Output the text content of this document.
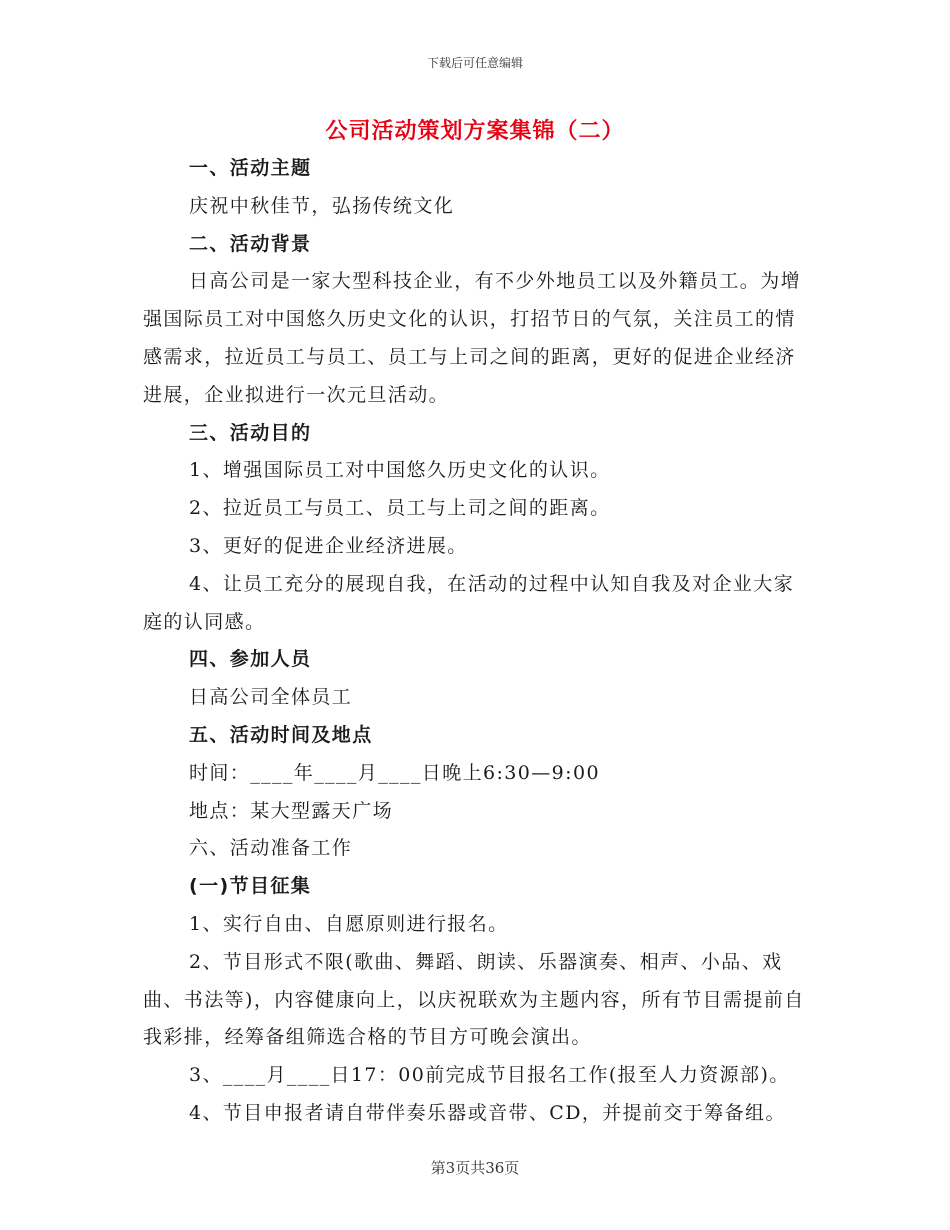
下载后可任意编辑
公司活动策划方案集锦（二）

一、活动主题

庆祝中秋佳节，弘扬传统文化

二、活动背景

日高公司是一家大型科技企业，有不少外地员工以及外籍员工。为增强国际员工对中国悠久历史文化的认识，打招节日的气氛，关注员工的情感需求，拉近员工与员工、员工与上司之间的距离，更好的促进企业经济进展，企业拟进行一次元旦活动。

三、活动目的

1、增强国际员工对中国悠久历史文化的认识。

2、拉近员工与员工、员工与上司之间的距离。

3、更好的促进企业经济进展。

4、让员工充分的展现自我，在活动的过程中认知自我及对企业大家庭的认同感。

四、参加人员

日高公司全体员工

五、活动时间及地点

时间：____年____月____日晚上6:30—9:00

地点：某大型露天广场

六、活动准备工作

(一)节目征集

1、实行自由、自愿原则进行报名。

2、节目形式不限(歌曲、舞蹈、朗读、乐器演奏、相声、小品、戏曲、书法等)，内容健康向上，以庆祝联欢为主题内容，所有节目需提前自我彩排，经筹备组筛选合格的节目方可晚会演出。

3、____月____日17：00前完成节目报名工作(报至人力资源部)。

4、节目申报者请自带伴奏乐器或音带、CD，并提前交于筹备组。

第3页共36页
